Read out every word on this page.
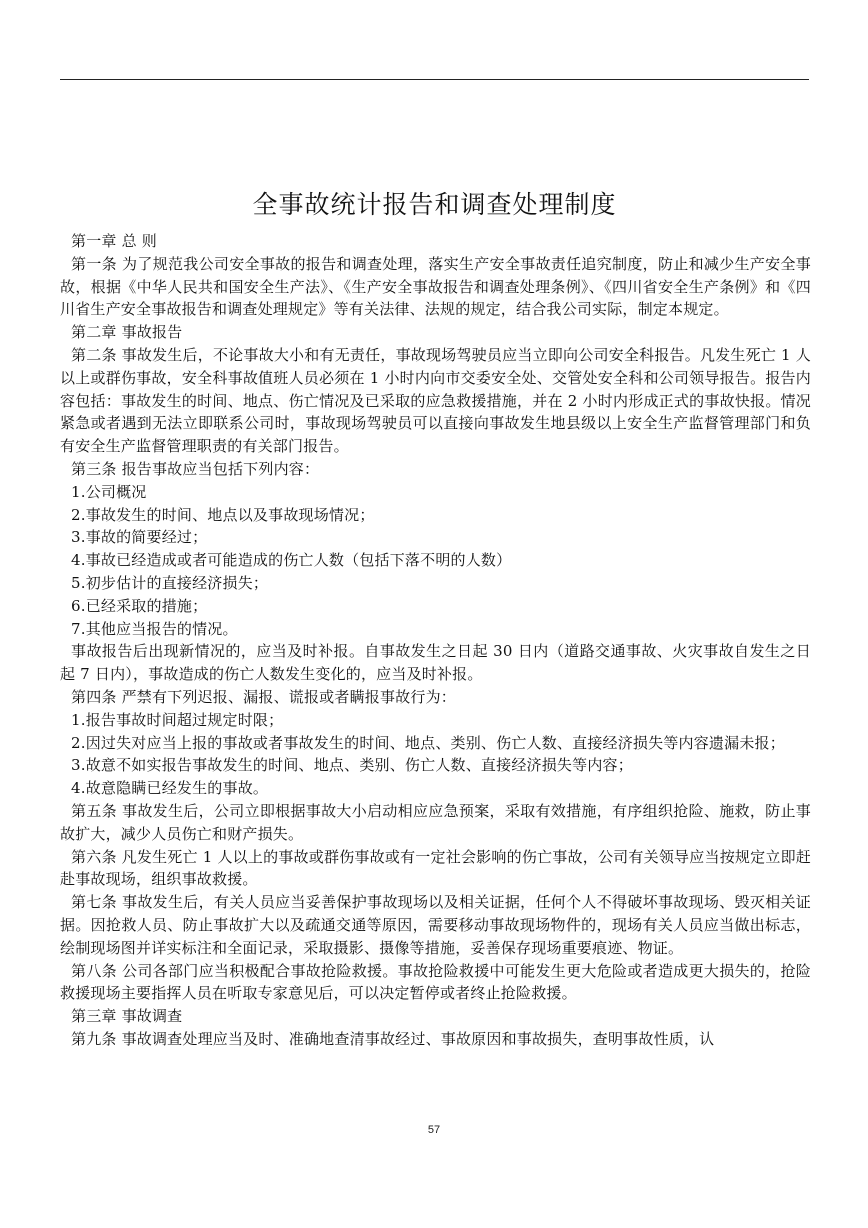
全事故统计报告和调查处理制度

第一章 总 则

第一条 为了规范我公司安全事故的报告和调查处理，落实生产安全事故责任追究制度，防止和减少生产安全事故，根据《中华人民共和国安全生产法》、《生产安全事故报告和调查处理条例》、《四川省安全生产条例》和《四川省生产安全事故报告和调查处理规定》等有关法律、法规的规定，结合我公司实际，制定本规定。

第二章 事故报告

第二条 事故发生后，不论事故大小和有无责任，事故现场驾驶员应当立即向公司安全科报告。凡发生死亡 1 人以上或群伤事故，安全科事故值班人员必须在 1 小时内向市交委安全处、交管处安全科和公司领导报告。报告内容包括：事故发生的时间、地点、伤亡情况及已采取的应急救援措施，并在 2 小时内形成正式的事故快报。情况紧急或者遇到无法立即联系公司时，事故现场驾驶员可以直接向事故发生地县级以上安全生产监督管理部门和负有安全生产监督管理职责的有关部门报告。

第三条 报告事故应当包括下列内容：

1.公司概况

2.事故发生的时间、地点以及事故现场情况；

3.事故的简要经过；

4.事故已经造成或者可能造成的伤亡人数（包括下落不明的人数）

5.初步估计的直接经济损失；

6.已经采取的措施；

7.其他应当报告的情况。

事故报告后出现新情况的，应当及时补报。自事故发生之日起 30 日内（道路交通事故、火灾事故自发生之日起 7 日内），事故造成的伤亡人数发生变化的，应当及时补报。

第四条 严禁有下列迟报、漏报、谎报或者瞒报事故行为：

1.报告事故时间超过规定时限；

2.因过失对应当上报的事故或者事故发生的时间、地点、类别、伤亡人数、直接经济损失等内容遗漏未报；

3.故意不如实报告事故发生的时间、地点、类别、伤亡人数、直接经济损失等内容；

4.故意隐瞒已经发生的事故。

第五条 事故发生后，公司立即根据事故大小启动相应应急预案，采取有效措施，有序组织抢险、施救，防止事故扩大，减少人员伤亡和财产损失。

第六条 凡发生死亡 1 人以上的事故或群伤事故或有一定社会影响的伤亡事故，公司有关领导应当按规定立即赶赴事故现场，组织事故救援。

第七条 事故发生后，有关人员应当妥善保护事故现场以及相关证据，任何个人不得破坏事故现场、毁灭相关证据。因抢救人员、防止事故扩大以及疏通交通等原因，需要移动事故现场物件的，现场有关人员应当做出标志，绘制现场图并详实标注和全面记录，采取摄影、摄像等措施，妥善保存现场重要痕迹、物证。

第八条 公司各部门应当积极配合事故抢险救援。事故抢险救援中可能发生更大危险或者造成更大损失的，抢险救援现场主要指挥人员在听取专家意见后，可以决定暂停或者终止抢险救援。

第三章 事故调查

第九条 事故调查处理应当及时、准确地查清事故经过、事故原因和事故损失，查明事故性质，认

57
